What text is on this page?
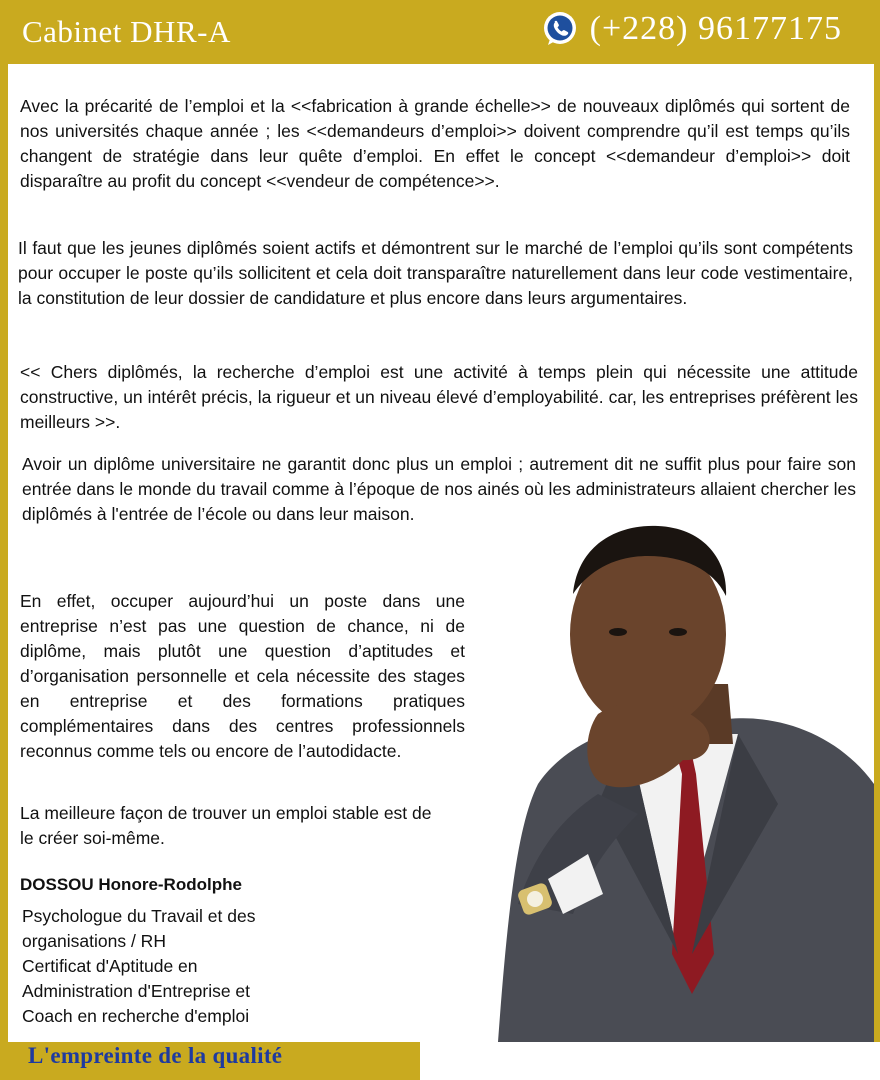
Cabinet DHR-A	(+228) 96177175
Avec la précarité de l’emploi et la <<fabrication à grande échelle>> de nouveaux diplômés qui sortent de nos universités chaque année ; les <<demandeurs d’emploi>> doivent comprendre qu’il est temps qu’ils changent de stratégie dans leur quête d’emploi. En effet le concept <<demandeur d’emploi>> doit disparaître au profit du concept <<vendeur de compétence>>.
Il faut que les jeunes diplômés soient actifs et démontrent sur le marché de l’emploi qu’ils sont compétents pour occuper le poste qu’ils sollicitent et cela doit transparaître naturellement dans leur code vestimentaire, la constitution de leur dossier de candidature et plus encore dans leurs argumentaires.
<< Chers diplômés, la recherche d’emploi est une activité à temps plein qui nécessite une attitude constructive, un intérêt précis, la rigueur et un niveau élevé d’employabilité. car, les entreprises préfèrent les meilleurs >>.
Avoir un diplôme universitaire ne garantit donc plus un emploi ; autrement dit ne suffit plus pour faire son entrée dans le monde du travail comme à l’époque de nos ainés où les administrateurs allaient chercher les diplômés à l'entrée de l’école ou dans leur maison.
En effet, occuper aujourd’hui un poste dans une entreprise n’est pas une question de chance, ni de diplôme, mais plutôt une question d’aptitudes et d’organisation personnelle et cela nécessite des stages en entreprise et des formations pratiques complémentaires dans des centres professionnels reconnus comme tels ou encore de l’autodidacte.
La meilleure façon de trouver un emploi stable est de le créer soi-même.
DOSSOU Honore-Rodolphe
Psychologue du Travail et des
organisations / RH
Certificat d'Aptitude en
Administration d'Entreprise et
Coach en recherche d'emploi
L'empreinte de la qualité
